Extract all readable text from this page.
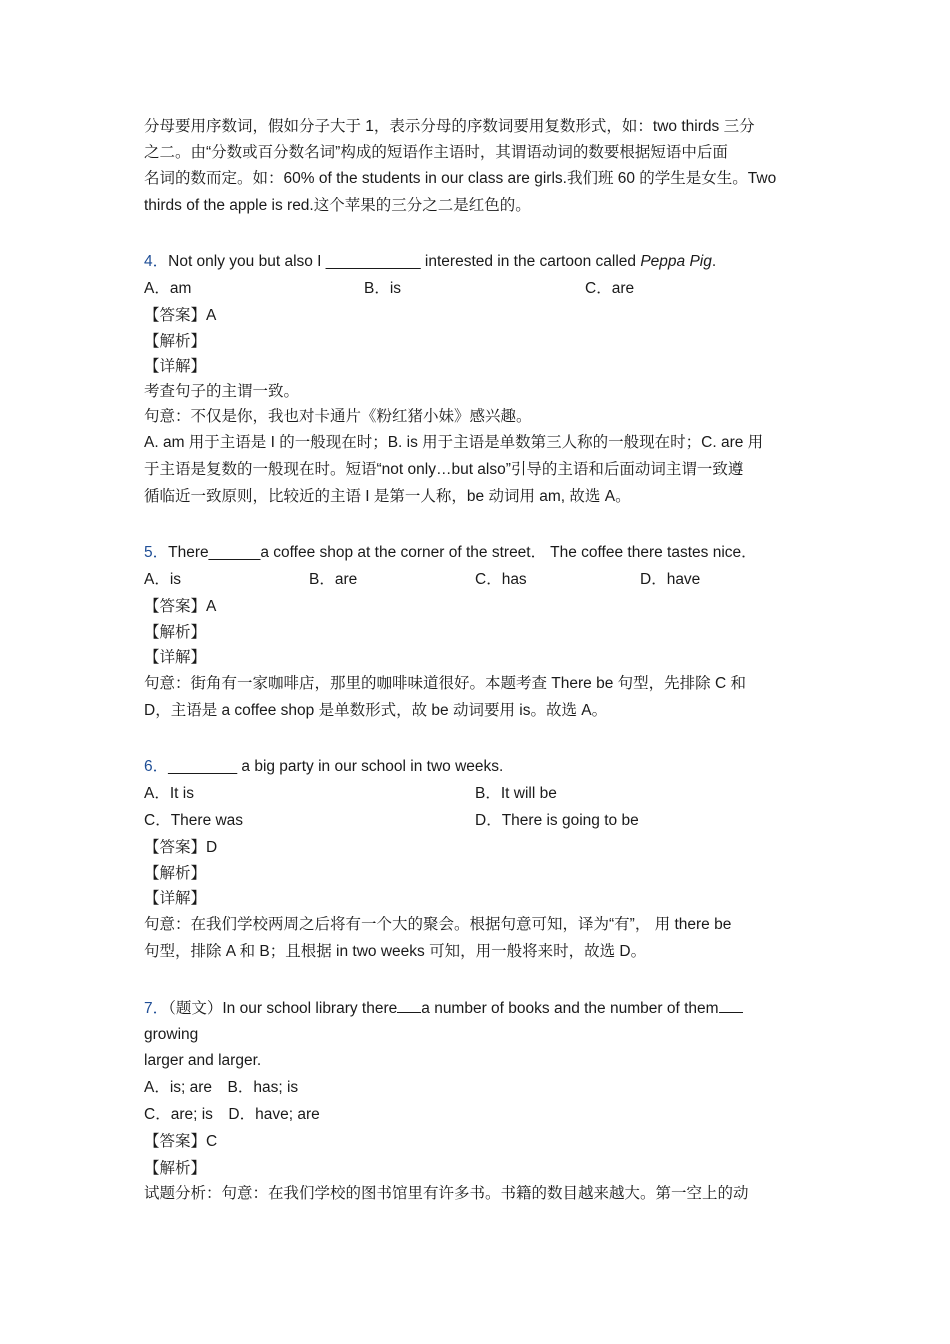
分母要用序数词，假如分子大于 1，表示分母的序数词要用复数形式，如：two thirds 三分
之二。由“分数或百分数名词”构成的短语作主语时，其谓语动词的数要根据短语中后面
名词的数而定。如：60% of the students in our class are girls.我们班 60 的学生是女生。Two
thirds of the apple is red.这个苹果的三分之二是红色的。
4．Not only you but also I ___________ interested in the cartoon called Peppa Pig.
A．am	B．is	C．are
【答案】A
【解析】
【详解】
考查句子的主谓一致。
句意：不仅是你，我也对卡通片《粉红猪小妹》感兴趣。
A. am 用于主语是 I 的一般现在时；B. is 用于主语是单数第三人称的一般现在时；C. are 用
于主语是复数的一般现在时。短语“not only…but also”引导的主语和后面动词主谓一致遵
循临近一致原则，比较近的主语 I 是第一人称，be 动词用 am, 故选 A。
5．There______a coffee shop at the corner of the street． The coffee there tastes nice．
A．is	B．are	C．has	D．have
【答案】A
【解析】
【详解】
句意：街角有一家咖啡店，那里的咖啡味道很好。本题考查 There be 句型，先排除 C 和
D，主语是 a coffee shop 是单数形式，故 be 动词要用 is。故选 A。
6．________ a big party in our school in two weeks.
A．It is	B．It will be
C．There was	D．There is going to be
【答案】D
【解析】
【详解】
句意：在我们学校两周之后将有一个大的聚会。根据句意可知，译为“有”， 用 there be
句型，排除 A 和 B；且根据 in two weeks 可知，用一般将来时，故选 D。
7．（题文）In our school library there a number of books and the number of them
growing
larger and larger.
A．is; are　B．has; is
C．are; is　D．have; are
【答案】C
【解析】
试题分析：句意：在我们学校的图书馆里有许多书。书籍的数目越来越大。第一空上的动
